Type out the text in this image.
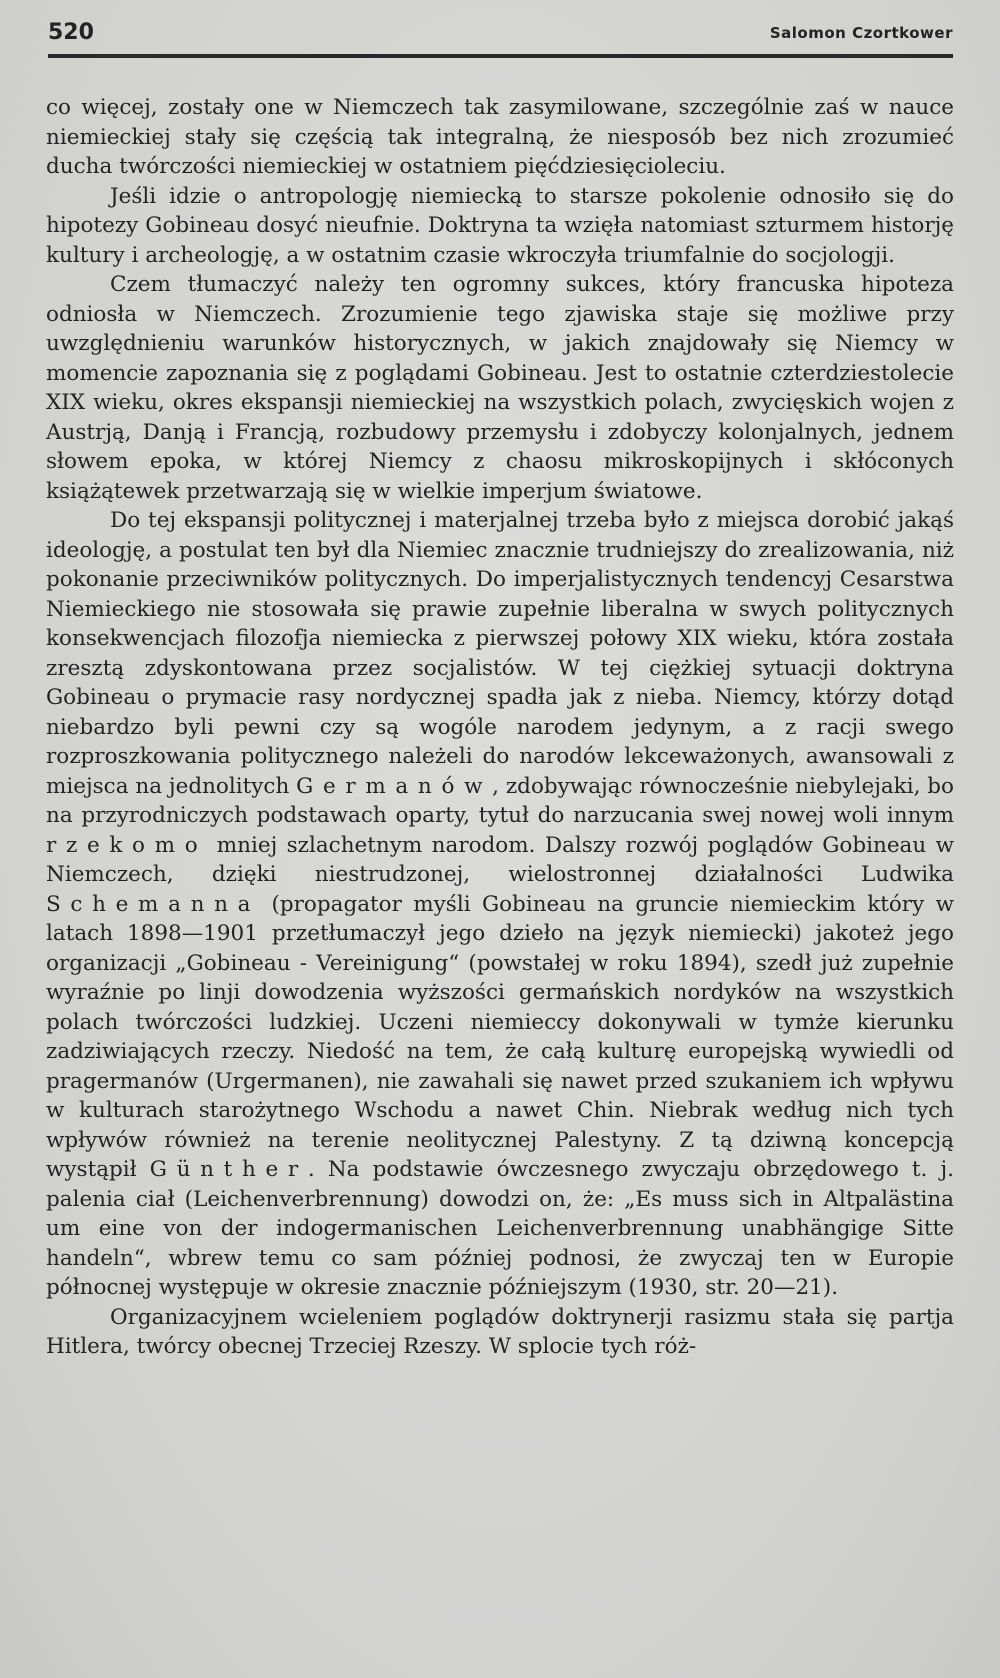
520	Salomon Czortkower

co więcej, zostały one w Niemczech tak zasymilowane, szczególnie zaś w nauce niemieckiej stały się częścią tak integralną, że niesposób bez nich zrozumieć ducha twórczości niemieckiej w ostatniem pięćdziesięcioleciu.

Jeśli idzie o antropologję niemiecką to starsze pokolenie odnosiło się do hipotezy Gobineau dosyć nieufnie. Doktryna ta wzięła natomiast szturmem historję kultury i archeologję, a w ostatnim czasie wkroczyła triumfalnie do socjologji.

Czem tłumaczyć należy ten ogromny sukces, który francuska hipoteza odniosła w Niemczech. Zrozumienie tego zjawiska staje się możliwe przy uwzględnieniu warunków historycznych, w jakich znajdowały się Niemcy w momencie zapoznania się z poglądami Gobineau. Jest to ostatnie czterdziestolecie XIX wieku, okres ekspansji niemieckiej na wszystkich polach, zwycięskich wojen z Austrją, Danją i Francją, rozbudowy przemysłu i zdobyczy kolonjalnych, jednem słowem epoka, w której Niemcy z chaosu mikroskopijnych i skłóconych książątewek przetwarzają się w wielkie imperjum światowe.

Do tej ekspansji politycznej i materjalnej trzeba było z miejsca dorobić jakąś ideologję, a postulat ten był dla Niemiec znacznie trudniejszy do zrealizowania, niż pokonanie przeciwników politycznych. Do imperjalistycznych tendencyj Cesarstwa Niemieckiego nie stosowała się prawie zupełnie liberalna w swych politycznych konsekwencjach filozofja niemiecka z pierwszej połowy XIX wieku, która została zresztą zdyskontowana przez socjalistów. W tej ciężkiej sytuacji doktryna Gobineau o prymacie rasy nordycznej spadła jak z nieba. Niemcy, którzy dotąd niebardzo byli pewni czy są wogóle narodem jedynym, a z racji swego rozproszkowania politycznego należeli do narodów lekceważonych, awansowali z miejsca na jednolitych Germanów, zdobywając równocześnie niebylejaki, bo na przyrodniczych podstawach oparty, tytuł do narzucania swej nowej woli innym rzekomo mniej szlachetnym narodom. Dalszy rozwój poglądów Gobineau w Niemczech, dzięki niestrudzonej, wielostronnej działalności Ludwika Schemanna (propagator myśli Gobineau na gruncie niemieckim który w latach 1898—1901 przetłumaczył jego dzieło na język niemiecki) jakoteż jego organizacji „Gobineau - Vereinigung“ (powstałej w roku 1894), szedł już zupełnie wyraźnie po linji dowodzenia wyższości germańskich nordyków na wszystkich polach twórczości ludzkiej. Uczeni niemieccy dokonywali w tymże kierunku zadziwiających rzeczy. Niedość na tem, że całą kulturę europejską wywiedli od pragermanów (Urgermanen), nie zawahali się nawet przed szukaniem ich wpływu w kulturach starożytnego Wschodu a nawet Chin. Niebrak według nich tych wpływów również na terenie neolitycznej Palestyny. Z tą dziwną koncepcją wystąpił Günther. Na podstawie ówczesnego zwyczaju obrzędowego t. j. palenia ciał (Leichenverbrennung) dowodzi on, że: „Es muss sich in Altpalästina um eine von der indogermanischen Leichenverbrennung unabhängige Sitte handeln“, wbrew temu co sam później podnosi, że zwyczaj ten w Europie północnej występuje w okresie znacznie późniejszym (1930, str. 20—21).

Organizacyjnem wcieleniem poglądów doktrynerji rasizmu stała się partja Hitlera, twórcy obecnej Trzeciej Rzeszy. W splocie tych róż-
